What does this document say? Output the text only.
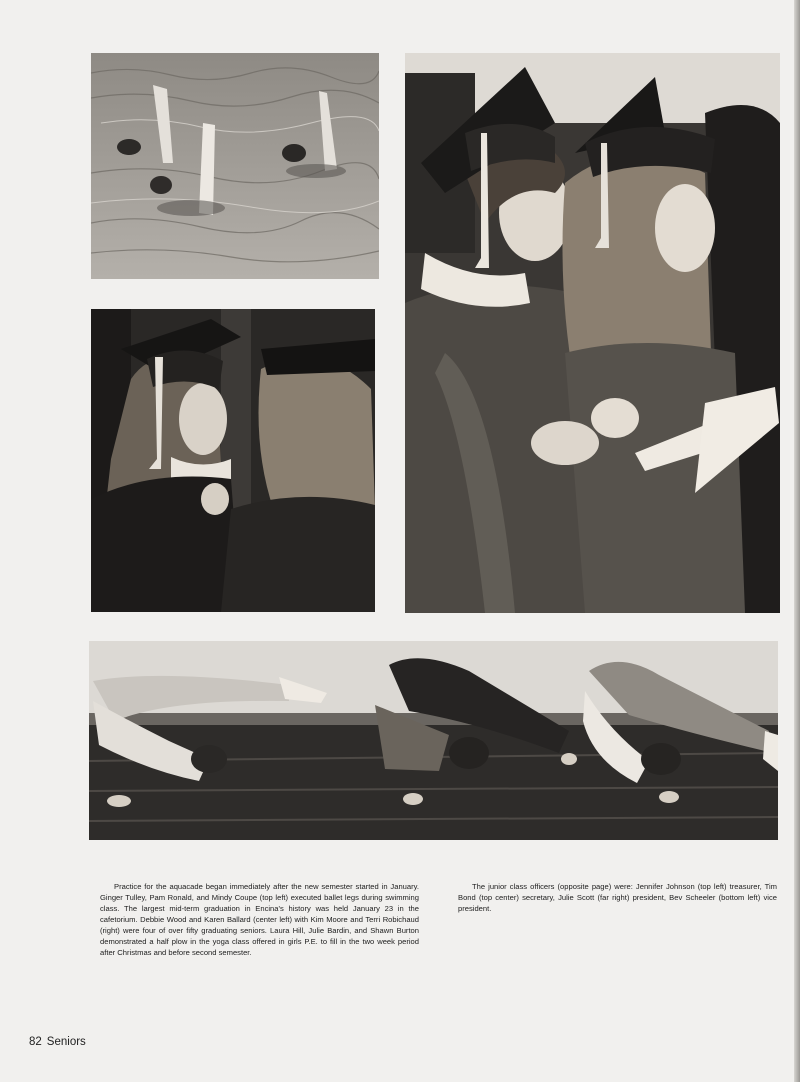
Practice for the aquacade began immediately after the new semester started in January. Ginger Tulley, Pam Ronald, and Mindy Coupe (top left) executed ballet legs during swimming class. The largest mid-term graduation in Encina's history was held January 23 in the cafetorium. Debbie Wood and Karen Ballard (center left) with Kim Moore and Terri Robichaud (right) were four of over fifty graduating seniors. Laura Hill, Julie Bardin, and Shawn Burton demonstrated a half plow in the yoga class offered in girls P.E. to fill in the two week period after Christmas and before second semester.

The junior class officers (opposite page) were: Jennifer Johnson (top left) treasurer, Tim Bond (top center) secretary, Julie Scott (far right) president, Bev Scheeler (bottom left) vice president.

82 Seniors
